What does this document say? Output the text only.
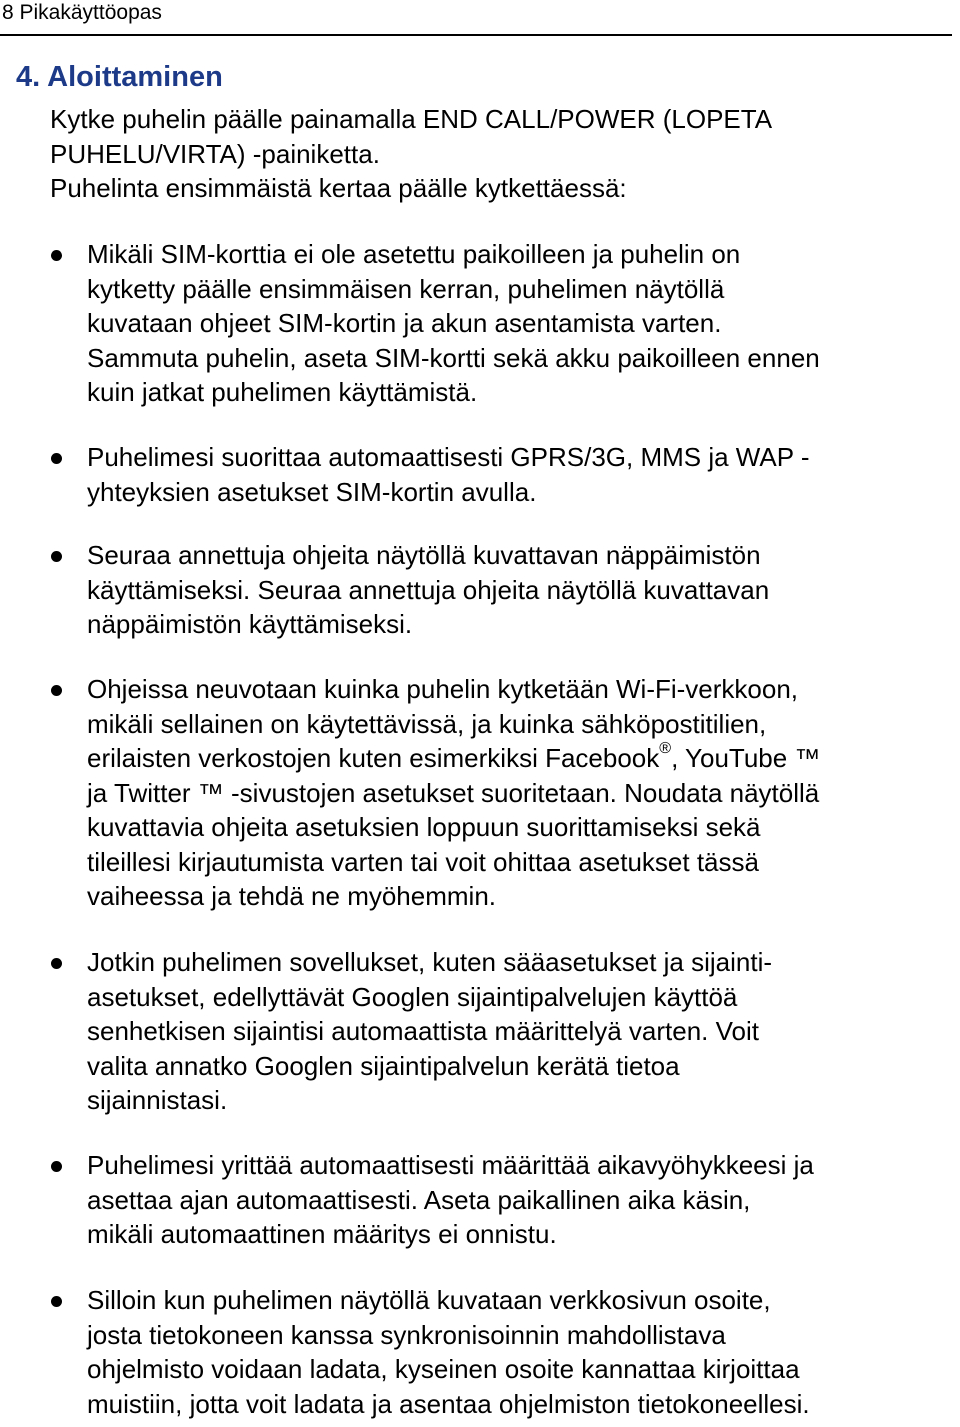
8 Pikakäyttöopas
4. Aloittaminen
Kytke puhelin päälle painamalla END CALL/POWER (LOPETA
PUHELU/VIRTA) -painiketta.
Puhelinta ensimmäistä kertaa päälle kytkettäessä:
Mikäli SIM-korttia ei ole asetettu paikoilleen ja puhelin on
kytketty päälle ensimmäisen kerran, puhelimen näytöllä
kuvataan ohjeet SIM-kortin ja akun asentamista varten.
Sammuta puhelin, aseta SIM-kortti sekä akku paikoilleen ennen
kuin jatkat puhelimen käyttämistä.
Puhelimesi suorittaa automaattisesti GPRS/3G, MMS ja WAP -
yhteyksien asetukset SIM-kortin avulla.
Seuraa annettuja ohjeita näytöllä kuvattavan näppäimistön
käyttämiseksi. Seuraa annettuja ohjeita näytöllä kuvattavan
näppäimistön käyttämiseksi.
Ohjeissa neuvotaan kuinka puhelin kytketään Wi-Fi-verkkoon,
mikäli sellainen on käytettävissä, ja kuinka sähköpostitilien,
erilaisten verkostojen kuten esimerkiksi Facebook®, YouTube ™
ja Twitter ™ -sivustojen asetukset suoritetaan. Noudata näytöllä
kuvattavia ohjeita asetuksien loppuun suorittamiseksi sekä
tileillesi kirjautumista varten tai voit ohittaa asetukset tässä
vaiheessa ja tehdä ne myöhemmin.
Jotkin puhelimen sovellukset, kuten sääasetukset ja sijainti-
asetukset, edellyttävät Googlen sijaintipalvelujen käyttöä
senhetkisen sijaintisi automaattista määrittelyä varten. Voit
valita annatko Googlen sijaintipalvelun kerätä tietoa
sijainnistasi.
Puhelimesi yrittää automaattisesti määrittää aikavyöhykkeesi ja
asettaa ajan automaattisesti. Aseta paikallinen aika käsin,
mikäli automaattinen määritys ei onnistu.
Silloin kun puhelimen näytöllä kuvataan verkkosivun osoite,
josta tietokoneen kanssa synkronisoinnin mahdollistava
ohjelmisto voidaan ladata, kyseinen osoite kannattaa kirjoittaa
muistiin, jotta voit ladata ja asentaa ohjelmiston tietokoneellesi.
